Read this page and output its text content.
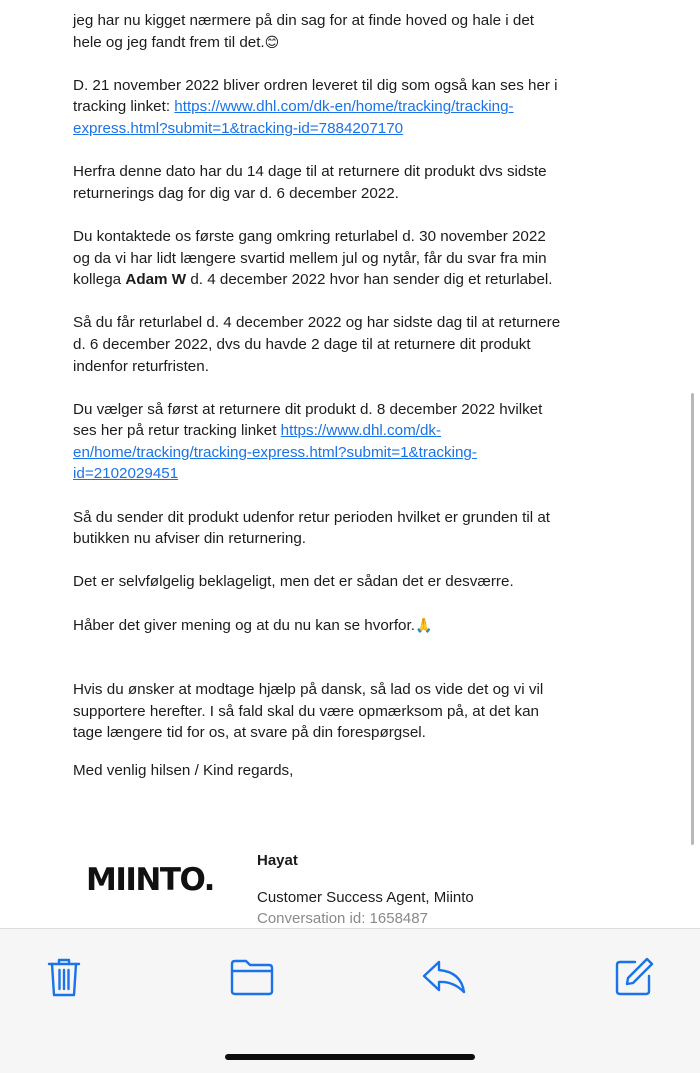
jeg har nu kigget nærmere på din sag for at finde hoved og hale i det hele og jeg fandt frem til det.😊

D. 21 november 2022 bliver ordren leveret til dig som også kan ses her i tracking linket: https://www.dhl.com/dk-en/home/tracking/tracking-express.html?submit=1&tracking-id=7884207170

Herfra denne dato har du 14 dage til at returnere dit produkt dvs sidste returnerings dag for dig var d. 6 december 2022.

Du kontaktede os første gang omkring returlabel d. 30 november 2022 og da vi har lidt længere svartid mellem jul og nytår, får du svar fra min kollega Adam W d. 4 december 2022 hvor han sender dig et returlabel.

Så du får returlabel d. 4 december 2022 og har sidste dag til at returnere d. 6 december 2022, dvs du havde 2 dage til at returnere dit produkt indenfor returfristen.

Du vælger så først at returnere dit produkt d. 8 december 2022 hvilket ses her på retur tracking linket https://www.dhl.com/dk-en/home/tracking/tracking-express.html?submit=1&tracking-id=2102029451

Så du sender dit produkt udenfor retur perioden hvilket er grunden til at butikken nu afviser din returnering.

Det er selvfølgelig beklageligt, men det er sådan det er desværre.

Håber det giver mening og at du nu kan se hvorfor.🙏

Hvis du ønsker at modtage hjælp på dansk, så lad os vide det og vi vil supportere herefter. I så fald skal du være opmærksom på, at det kan tage længere tid for os, at svare på din forespørgsel.

Med venlig hilsen / Kind regards,

MIINTO.
Hayat
Customer Success Agent, Miinto
Conversation id: 1658487
